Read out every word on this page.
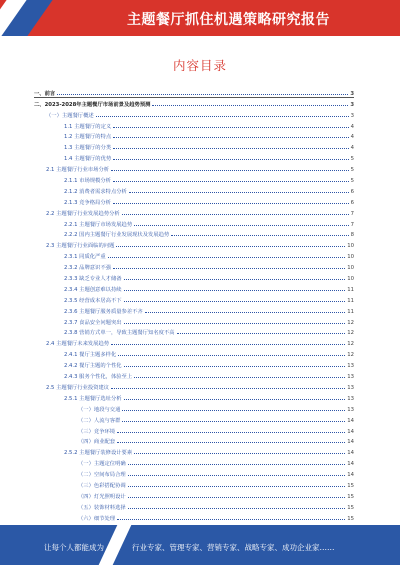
主题餐厅抓住机遇策略研究报告
内容目录
一、前言	3
二、2023-2028年主题餐厅市场前景及趋势预测	3
（一）主题餐厅概述	3
1.1 主题餐厅的定义	4
1.2 主题餐厅的特点	4
1.3 主题餐厅的分类	4
1.4 主题餐厅的优势	5
2.1 主题餐厅行业市场分析	5
2.1.1 市场规模分析	5
2.1.2 消费者需求特点分析	6
2.1.3 竞争格局分析	6
2.2 主题餐厅行业发展趋势分析	7
2.2.1 主题餐厅市场发展趋势	7
2.2.2 国内主题餐厅行业发展现状及发展趋势	8
2.3 主题餐厅行业面临的问题	10
2.3.1 同质化严重	10
2.3.2 品牌意识不强	10
2.3.3 缺乏专业人才储备	10
2.3.4 主题创意难以持续	11
2.3.5 经营成本居高不下	11
2.3.6 主题餐厅服务质量参差不齐	11
2.3.7 食品安全问题突出	12
2.3.8 营销方式单一，导致主题餐厅知名度不高	12
2.4 主题餐厅未来发展趋势	12
2.4.1 餐厅主题多样化	12
2.4.2 餐厅主题的个性化	13
2.4.3 服务个性化，体验至上	13
2.5 主题餐厅行业投资建议	13
2.5.1 主题餐厅选址分析	13
（一）地段与交通	13
（二）人流与客群	14
（三）竞争环境	14
（四）商业配套	14
2.5.2 主题餐厅装修设计要素	14
（一）主题定位明确	14
（二）空间布局合理	14
（三）色彩搭配协调	15
（四）灯光照明设计	15
（五）装饰材料选择	15
（六）细节处理	15
让每个人都能成为	行业专家、管理专家、营销专家、战略专家、成功企业家……
